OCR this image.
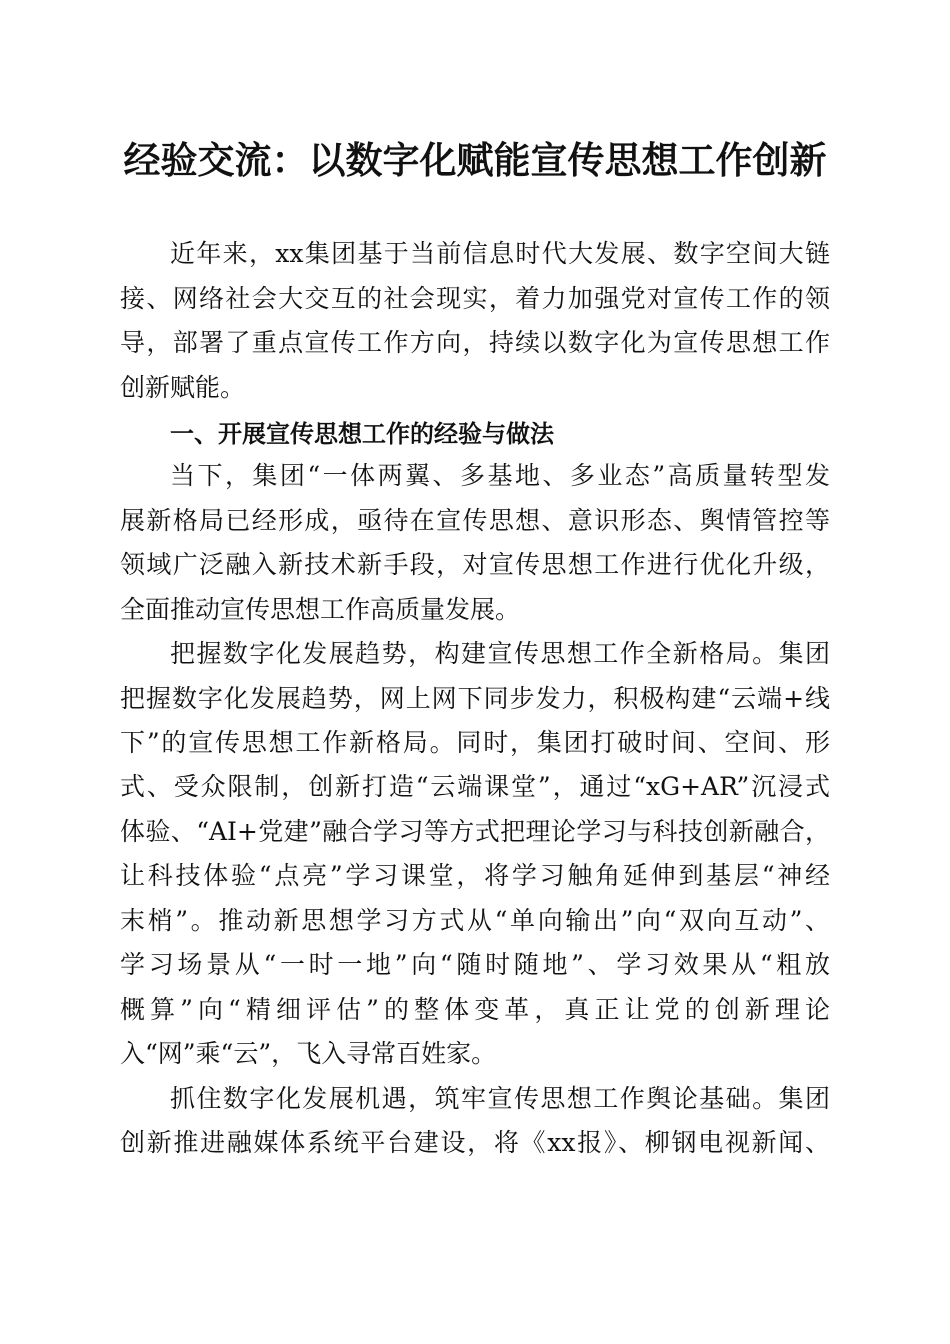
经验交流：以数字化赋能宣传思想工作创新
近年来，xx集团基于当前信息时代大发展、数字空间大链
接、网络社会大交互的社会现实，着力加强党对宣传工作的领
导，部署了重点宣传工作方向，持续以数字化为宣传思想工作
创新赋能。
一、开展宣传思想工作的经验与做法
当下，集团“一体两翼、多基地、多业态”高质量转型发
展新格局已经形成，亟待在宣传思想、意识形态、舆情管控等
领域广泛融入新技术新手段，对宣传思想工作进行优化升级，
全面推动宣传思想工作高质量发展。
把握数字化发展趋势，构建宣传思想工作全新格局。集团
把握数字化发展趋势，网上网下同步发力，积极构建“云端+线
下”的宣传思想工作新格局。同时，集团打破时间、空间、形
式、受众限制，创新打造“云端课堂”，通过“xG+AR”沉浸式
体验、“AI+党建”融合学习等方式把理论学习与科技创新融合，
让科技体验“点亮”学习课堂，将学习触角延伸到基层“神经
末梢”。推动新思想学习方式从“单向输出”向“双向互动”、
学习场景从“一时一地”向“随时随地”、学习效果从“粗放
概算”向“精细评估”的整体变革，真正让党的创新理论
入“网”乘“云”，飞入寻常百姓家。
抓住数字化发展机遇，筑牢宣传思想工作舆论基础。集团
创新推进融媒体系统平台建设，将《xx报》、柳钢电视新闻、
